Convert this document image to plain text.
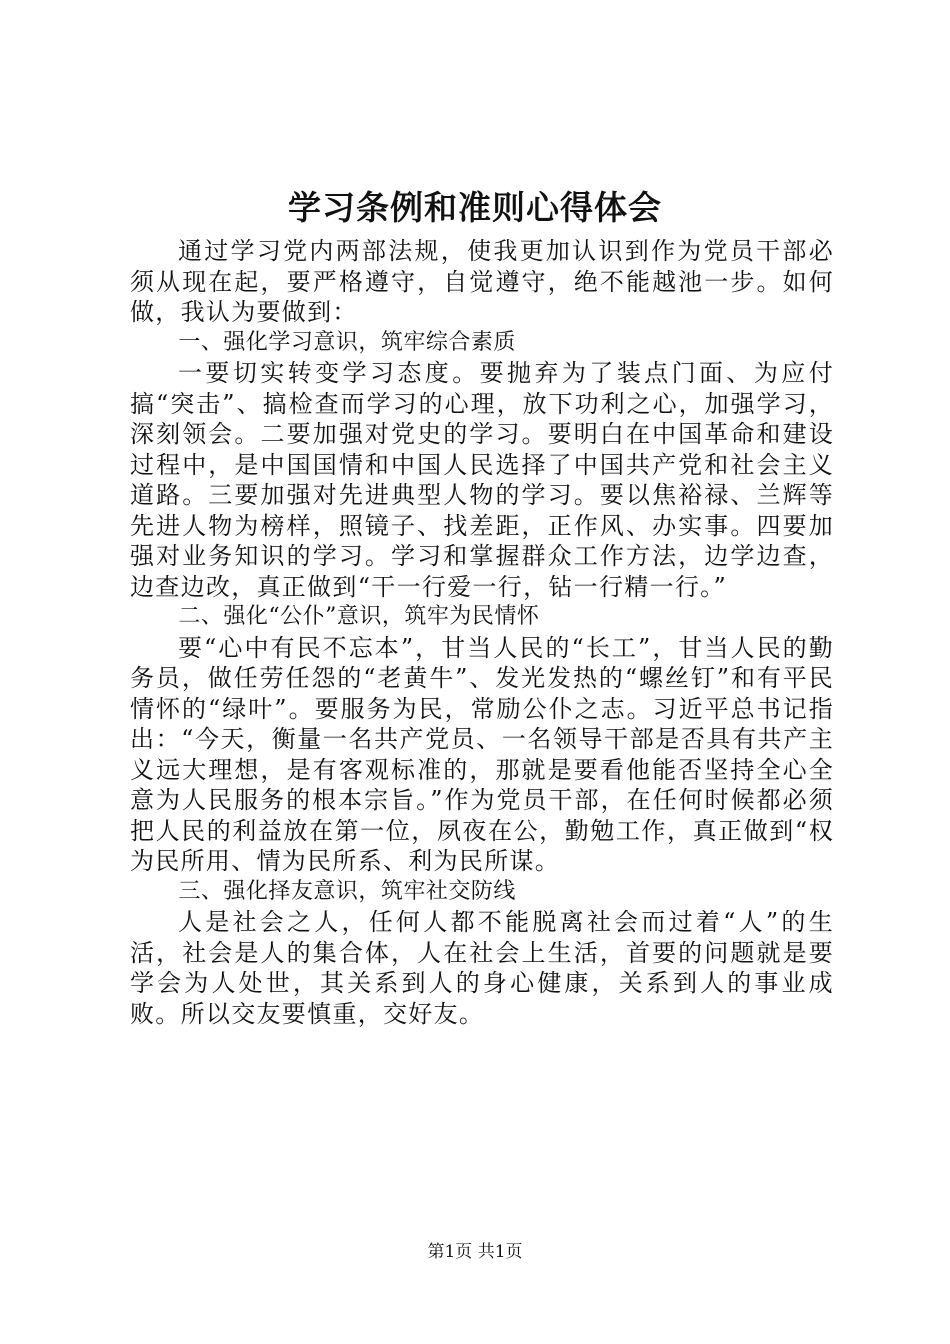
学习条例和准则心得体会

通过学习党内两部法规，使我更加认识到作为党员干部必须从现在起，要严格遵守，自觉遵守，绝不能越池一步。如何做，我认为要做到：

一、强化学习意识，筑牢综合素质

一要切实转变学习态度。要抛弃为了装点门面、为应付搞“突击”、搞检查而学习的心理，放下功利之心，加强学习，深刻领会。二要加强对党史的学习。要明白在中国革命和建设过程中，是中国国情和中国人民选择了中国共产党和社会主义道路。三要加强对先进典型人物的学习。要以焦裕禄、兰辉等先进人物为榜样，照镜子、找差距，正作风、办实事。四要加强对业务知识的学习。学习和掌握群众工作方法，边学边查，边查边改，真正做到“干一行爱一行，钻一行精一行。”

二、强化“公仆”意识，筑牢为民情怀

要“心中有民不忘本”，甘当人民的“长工”，甘当人民的勤务员，做任劳任怨的“老黄牛”、发光发热的“螺丝钉”和有平民情怀的“绿叶”。要服务为民，常励公仆之志。习近平总书记指出：“今天，衡量一名共产党员、一名领导干部是否具有共产主义远大理想，是有客观标准的，那就是要看他能否坚持全心全意为人民服务的根本宗旨。”作为党员干部，在任何时候都必须把人民的利益放在第一位，夙夜在公，勤勉工作，真正做到“权为民所用、情为民所系、利为民所谋。

三、强化择友意识，筑牢社交防线

人是社会之人，任何人都不能脱离社会而过着“人”的生活，社会是人的集合体，人在社会上生活，首要的问题就是要学会为人处世，其关系到人的身心健康，关系到人的事业成败。所以交友要慎重，交好友。

第1页 共1页
